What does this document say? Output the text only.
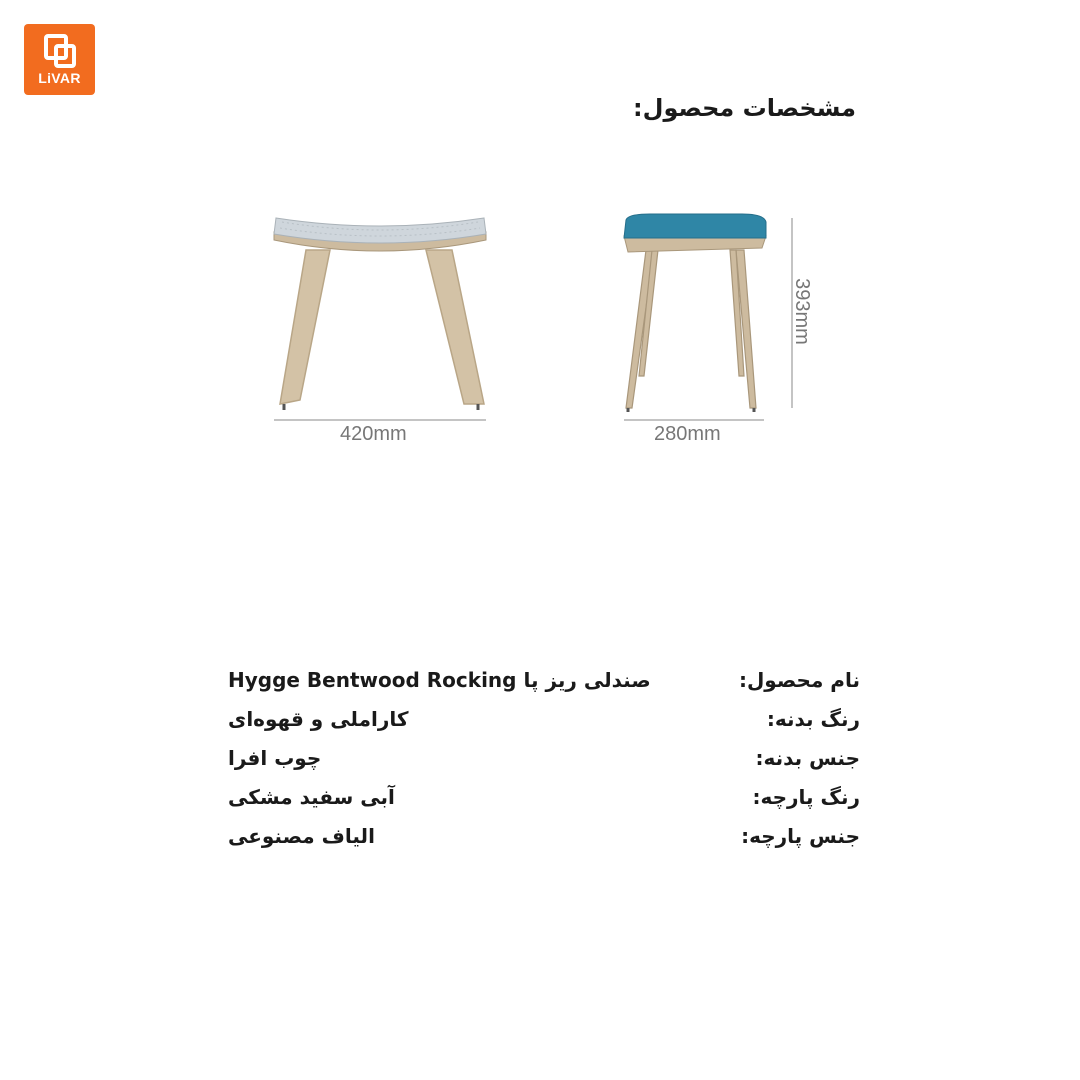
LiVAR
مشخصات محصول:
420mm	280mm
393mm
نام محصول:
صندلی ریز پا Hygge Bentwood Rocking
رنگ بدنه:
کاراملی و قهوه‌ای
جنس بدنه:
چوب افرا
رنگ پارچه:
آبی سفید مشکی
جنس پارچه:
الیاف مصنوعی
